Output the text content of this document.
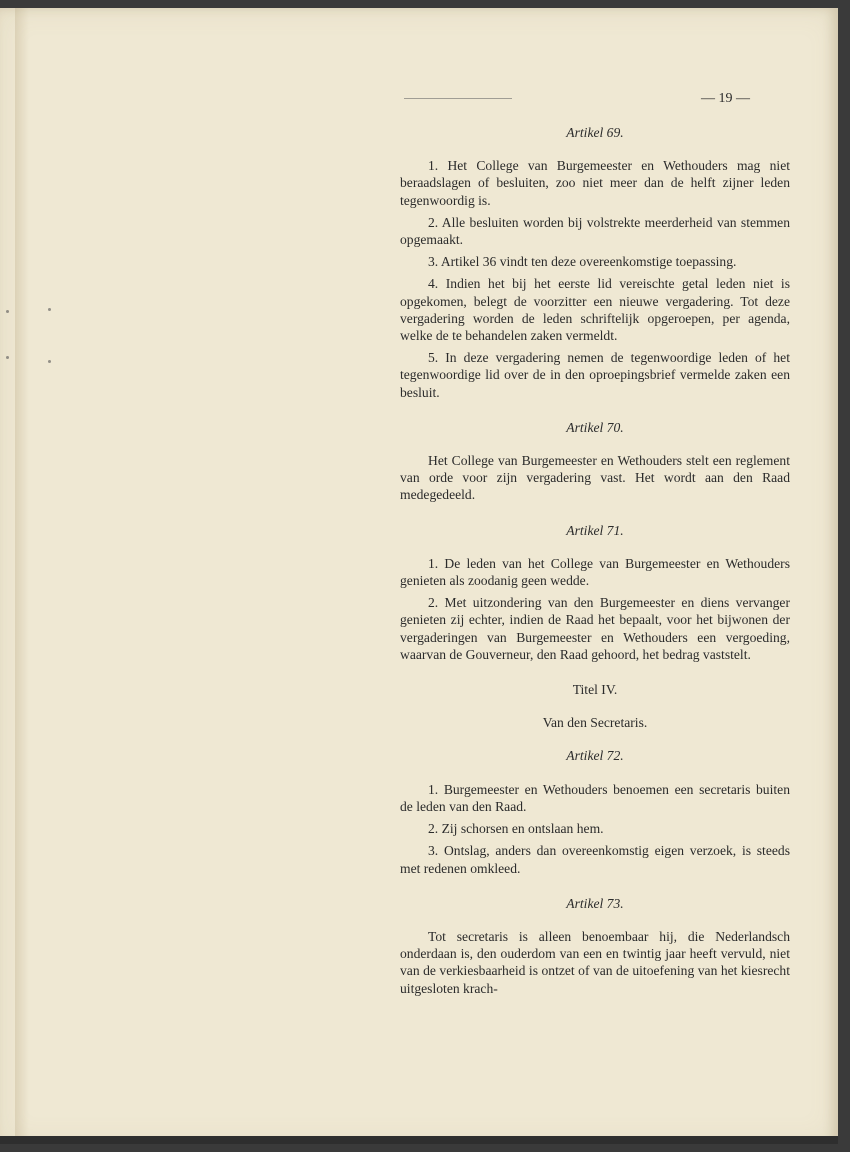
— 19 —
Artikel 69.

1. Het College van Burgemeester en Wethouders mag niet beraadslagen of besluiten, zoo niet meer dan de helft zijner leden tegenwoordig is.

2. Alle besluiten worden bij volstrekte meerderheid van stemmen opgemaakt.

3. Artikel 36 vindt ten deze overeenkomstige toepassing.

4. Indien het bij het eerste lid vereischte getal leden niet is opgekomen, belegt de voorzitter een nieuwe vergadering. Tot deze vergadering worden de leden schriftelijk opgeroepen, per agenda, welke de te behandelen zaken vermeldt.

5. In deze vergadering nemen de tegenwoordige leden of het tegenwoordige lid over de in den oproepingsbrief vermelde zaken een besluit.

Artikel 70.

Het College van Burgemeester en Wethouders stelt een reglement van orde voor zijn vergadering vast. Het wordt aan den Raad medegedeeld.

Artikel 71.

1. De leden van het College van Burgemeester en Wethouders genieten als zoodanig geen wedde.

2. Met uitzondering van den Burgemeester en diens vervanger genieten zij echter, indien de Raad het bepaalt, voor het bijwonen der vergaderingen van Burgemeester en Wethouders een vergoeding, waarvan de Gouverneur, den Raad gehoord, het bedrag vaststelt.

Titel IV.
Van den Secretaris.
Artikel 72.

1. Burgemeester en Wethouders benoemen een secretaris buiten de leden van den Raad.

2. Zij schorsen en ontslaan hem.

3. Ontslag, anders dan overeenkomstig eigen verzoek, is steeds met redenen omkleed.

Artikel 73.

Tot secretaris is alleen benoembaar hij, die Nederlandsch onderdaan is, den ouderdom van een en twintig jaar heeft vervuld, niet van de verkiesbaarheid is ontzet of van de uitoefening van het kiesrecht uitgesloten krach-
